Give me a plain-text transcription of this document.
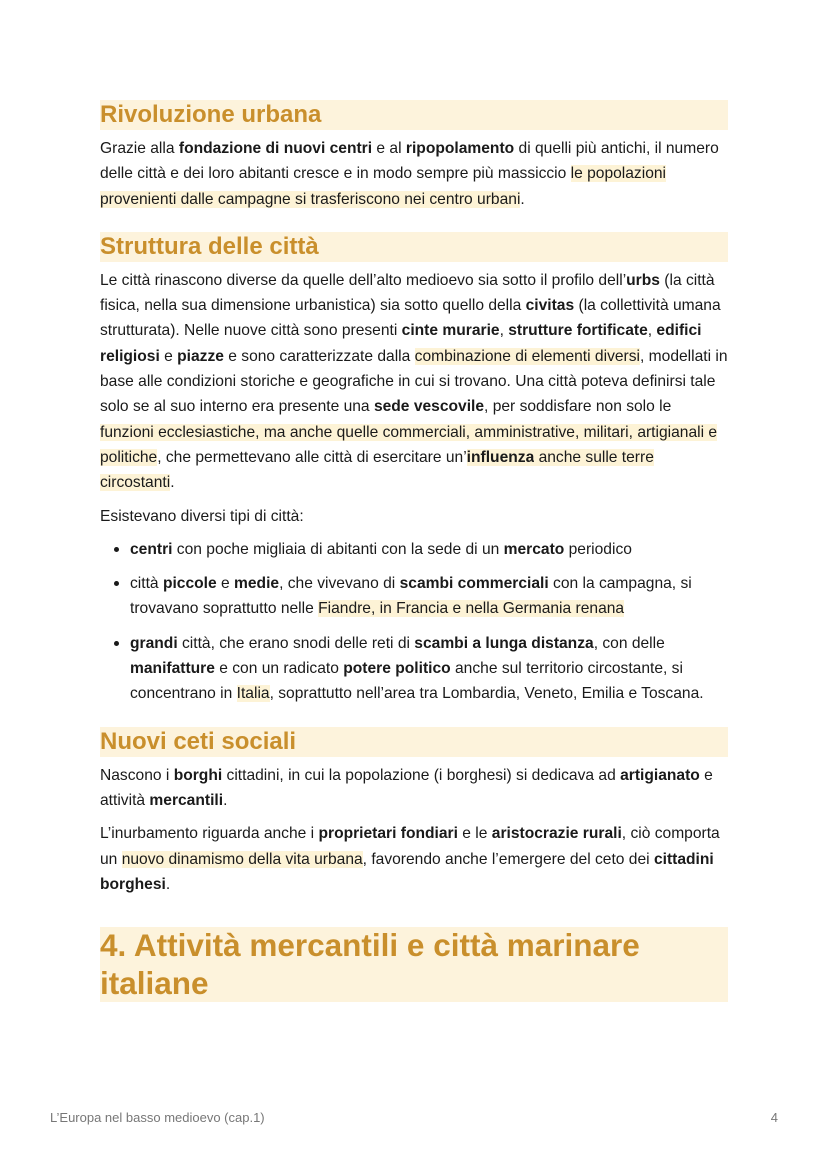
Rivoluzione urbana

Grazie alla fondazione di nuovi centri e al ripopolamento di quelli più antichi, il numero delle città e dei loro abitanti cresce e in modo sempre più massiccio le popolazioni provenienti dalle campagne si trasferiscono nei centro urbani.

Struttura delle città

Le città rinascono diverse da quelle dell’alto medioevo sia sotto il profilo dell’urbs (la città fisica, nella sua dimensione urbanistica) sia sotto quello della civitas (la collettività umana strutturata). Nelle nuove città sono presenti cinte murarie, strutture fortificate, edifici religiosi e piazze e sono caratterizzate dalla combinazione di elementi diversi, modellati in base alle condizioni storiche e geografiche in cui si trovano. Una città poteva definirsi tale solo se al suo interno era presente una sede vescovile, per soddisfare non solo le funzioni ecclesiastiche, ma anche quelle commerciali, amministrative, militari, artigianali e politiche, che permettevano alle città di esercitare un’influenza anche sulle terre circostanti.

Esistevano diversi tipi di città:

centri con poche migliaia di abitanti con la sede di un mercato periodico
città piccole e medie, che vivevano di scambi commerciali con la campagna, si trovavano soprattutto nelle Fiandre, in Francia e nella Germania renana
grandi città, che erano snodi delle reti di scambi a lunga distanza, con delle manifatture e con un radicato potere politico anche sul territorio circostante, si concentrano in Italia, soprattutto nell’area tra Lombardia, Veneto, Emilia e Toscana.
Nuovi ceti sociali

Nascono i borghi cittadini, in cui la popolazione (i borghesi) si dedicava ad artigianato e attività mercantili.

L’inurbamento riguarda anche i proprietari fondiari e le aristocrazie rurali, ciò comporta un nuovo dinamismo della vita urbana, favorendo anche l’emergere del ceto dei cittadini borghesi.

4. Attività mercantili e città marinare italiane
L’Europa nel basso medioevo (cap.1)	4
